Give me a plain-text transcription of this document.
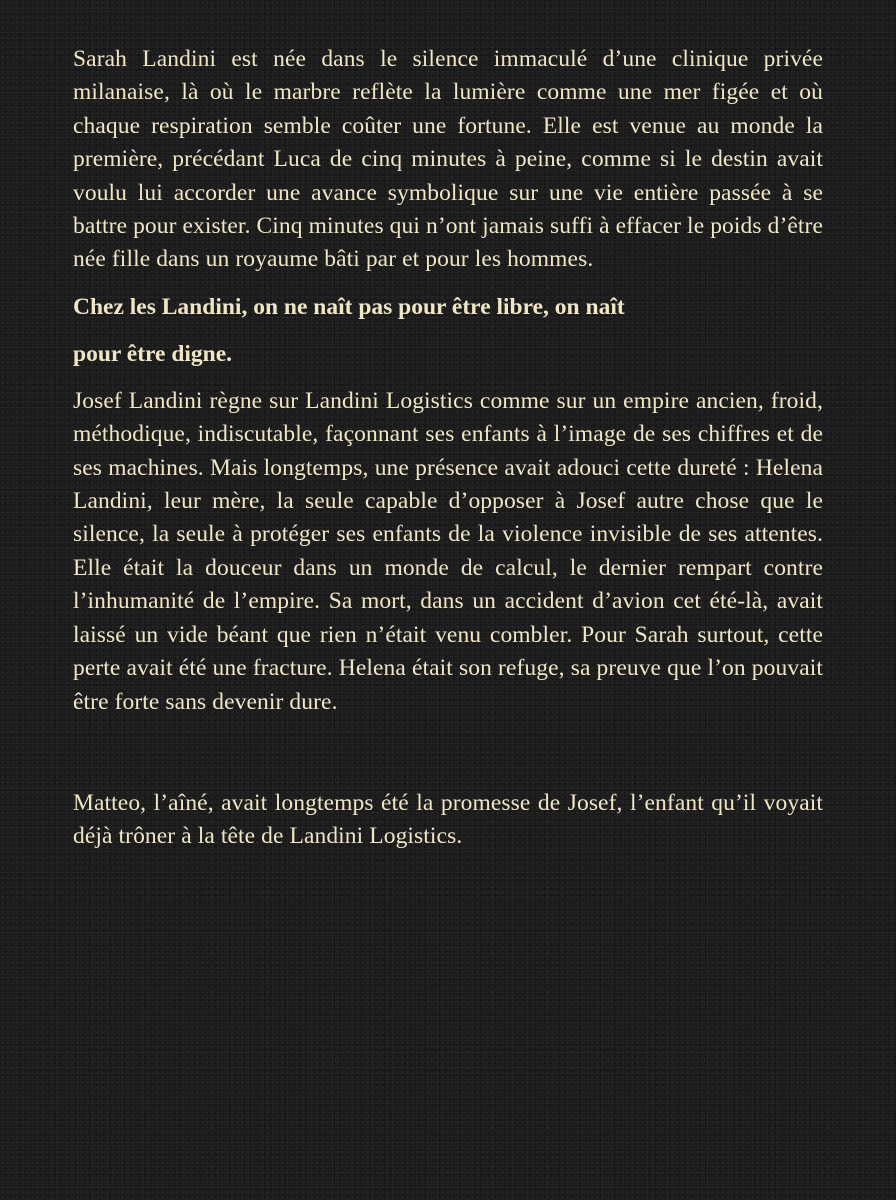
Sarah Landini est née dans le silence immaculé d’une clinique privée milanaise, là où le marbre reflète la lumière comme une mer figée et où chaque respiration semble coûter une fortune. Elle est venue au monde la première, précédant Luca de cinq minutes à peine, comme si le destin avait voulu lui accorder une avance symbolique sur une vie entière passée à se battre pour exister. Cinq minutes qui n’ont jamais suffi à effacer le poids d’être née fille dans un royaume bâti par et pour les hommes.

Chez les Landini, on ne naît pas pour être libre, on naît

pour être digne.

Josef Landini règne sur Landini Logistics comme sur un empire ancien, froid, méthodique, indiscutable, façonnant ses enfants à l’image de ses chiffres et de ses machines. Mais longtemps, une présence avait adouci cette dureté : Helena Landini, leur mère, la seule capable d’opposer à Josef autre chose que le silence, la seule à protéger ses enfants de la violence invisible de ses attentes. Elle était la douceur dans un monde de calcul, le dernier rempart contre l’inhumanité de l’empire. Sa mort, dans un accident d’avion cet été-là, avait laissé un vide béant que rien n’était venu combler. Pour Sarah surtout, cette perte avait été une fracture. Helena était son refuge, sa preuve que l’on pouvait être forte sans devenir dure.

Matteo, l’aîné, avait longtemps été la promesse de Josef, l’enfant qu’il voyait déjà trôner à la tête de Landini Logistics.
